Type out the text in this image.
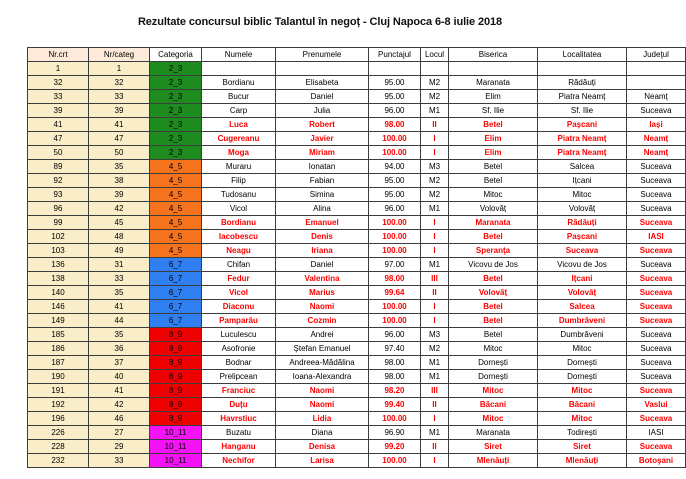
Rezultate concursul biblic Talantul în negoț - Cluj Napoca 6-8 iulie 2018
Nr.crt	Nr/categ	Categoria	Numele	Prenumele	Punctajul	Locul	Biserica	Localitatea	Judeţul
1	1	2_3							
32	32	2_3	Bordianu	Elisabeta	95.00	M2	Maranata	Rădăuți	
33	33	2_3	Bucur	Daniel	95.00	M2	Elim	Piatra Neamț	Neamț
39	39	2_3	Carp	Julia	96.00	M1	Sf. Ilie	Sf. Ilie	Suceava
41	41	2_3	Luca	Robert	98.00	II	Betel	Pașcani	Iași
47	47	2_3	Cugereanu	Javier	100.00	I	Elim	Piatra Neamț	Neamț
50	50	2_3	Moga	Miriam	100.00	I	Elim	Piatra Neamț	Neamț
89	35	4_5	Muraru	Ionatan	94.00	M3	Betel	Salcea	Suceava
92	38	4_5	Filip	Fabian	95.00	M2	Betel	Ițcani	Suceava
93	39	4_5	Tudosanu	Simina	95.00	M2	Mitoc	Mitoc	Suceava
96	42	4_5	Vicol	Alina	96.00	M1	Volovăț	Volovăț	Suceava
99	45	4_5	Bordianu	Emanuel	100.00	I	Maranata	Rădăuți	Suceava
102	48	4_5	Iacobescu	Denis	100.00	I	Betel	Pașcani	IASI
103	49	4_5	Neagu	Iriana	100.00	I	Speranţa	Suceava	Suceava
136	31	6_7	Chifan	Daniel	97.00	M1	Vicovu de Jos	Vicovu de Jos	Suceava
138	33	6_7	Fedur	Valentina	98.00	III	Betel	Ițcani	Suceava
140	35	6_7	Vicol	Marius	99.64	II	Volovăț	Volovăț	Suceava
146	41	6_7	Diaconu	Naomi	100.00	I	Betel	Salcea	Suceava
149	44	6_7	Pamparău	Cozmin	100.00	I	Betel	Dumbrăveni	Suceava
185	35	8_9	Luculescu	Andrei	96.00	M3	Betel	Dumbrăveni	Suceava
186	36	8_9	Asofronie	Ștefan Emanuel	97.40	M2	Mitoc	Mitoc	Suceava
187	37	8_9	Bodnar	Andreea-Mădălina	98.00	M1	Dornești	Dornești	Suceava
190	40	8_9	Prelipcean	Ioana-Alexandra	98.00	M1	Dornești	Dornești	Suceava
191	41	8_9	Franciuc	Naomi	98.20	III	Mitoc	Mitoc	Suceava
192	42	8_9	Duțu	Naomi	99.40	II	Băcani	Băcani	Vaslui
196	46	8_9	Havrstiuc	Lidia	100.00	I	Mitoc	Mitoc	Suceava
226	27	10_11	Buzatu	Diana	96.90	M1	Maranata	Todirești	IASI
228	29	10_11	Hanganu	Denisa	99.20	II	Siret	Siret	Suceava
232	33	10_11	Nechifor	Larisa	100.00	I	Mlenăuți	Mlenăuți	Botoşani
